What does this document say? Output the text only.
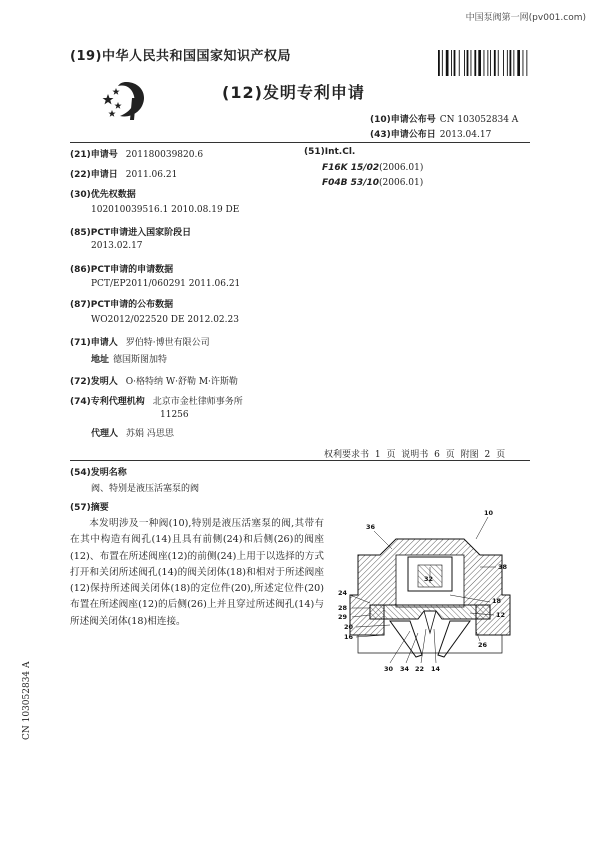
中国泵阀第一网(pv001.com)
(19)中华人民共和国国家知识产权局
(12)发明专利申请
(10)申请公布号 CN 103052834 A
(43)申请公布日 2013.04.17
(21)申请号 201180039820.6
(22)申请日 2011.06.21
(30)优先权数据
102010039516.1 2010.08.19 DE
(85)PCT申请进入国家阶段日
2013.02.17
(86)PCT申请的申请数据
PCT/EP2011/060291 2011.06.21
(87)PCT申请的公布数据
WO2012/022520 DE 2012.02.23
(71)申请人 罗伯特·博世有限公司
地址 德国斯图加特
(72)发明人 O·格特纳 W·舒勒 M·许斯勒
(74)专利代理机构 北京市金杜律师事务所
11256
代理人 苏娟 冯思思
(51)Int.Cl.
F16K 15/02(2006.01)
F04B 53/10(2006.01)
权利要求书 1 页 说明书 6 页 附图 2 页
(54)发明名称
阀、特别是液压活塞泵的阀
(57)摘要

本发明涉及一种阀(10),特别是液压活塞泵的阀,其带有在其中构造有阀孔(14)且具有前侧(24)和后侧(26)的阀座(12)、布置在所述阀座(12)的前侧(24)上用于以选择的方式打开和关闭所述阀孔(14)的阀关闭体(18)和相对于所述阀座(12)保持所述阀关闭体(18)的定位件(20),所述定位件(20)布置在所述阀座(12)的后侧(26)上并且穿过所述阀孔(14)与所述阀关闭体(18)相连接。

10
36
38
32
24
28
29
18
12
20
16
26
30 34 22 14
CN 103052834 A
